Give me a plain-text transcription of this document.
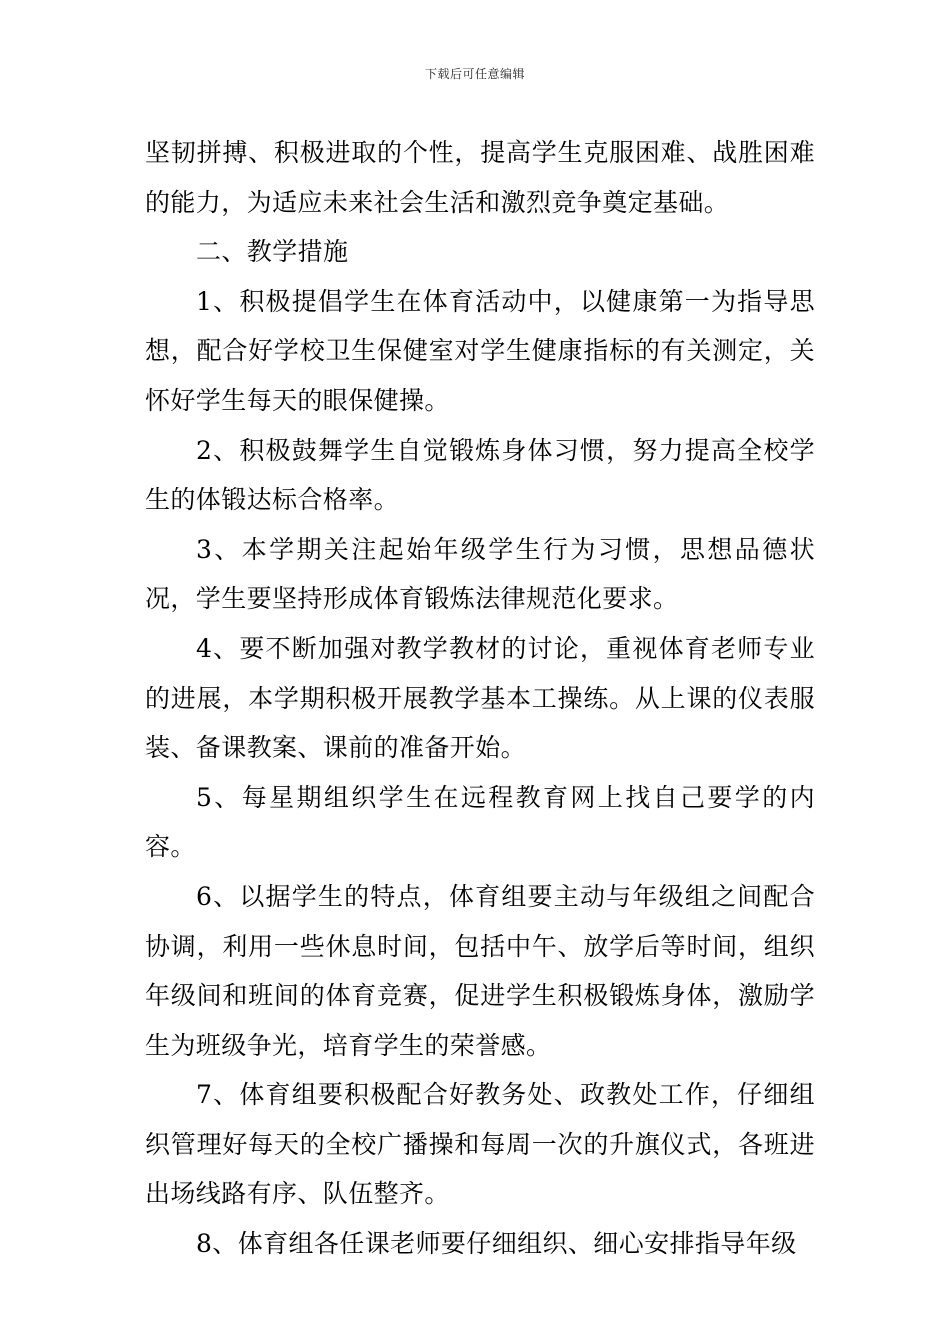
下载后可任意编辑

坚韧拼搏、积极进取的个性，提高学生克服困难、战胜困难的能力，为适应未来社会生活和激烈竞争奠定基础。

二、教学措施

1、积极提倡学生在体育活动中，以健康第一为指导思想，配合好学校卫生保健室对学生健康指标的有关测定，关怀好学生每天的眼保健操。

2、积极鼓舞学生自觉锻炼身体习惯，努力提高全校学生的体锻达标合格率。

3、本学期关注起始年级学生行为习惯，思想品德状况，学生要坚持形成体育锻炼法律规范化要求。

4、要不断加强对教学教材的讨论，重视体育老师专业的进展，本学期积极开展教学基本工操练。从上课的仪表服装、备课教案、课前的准备开始。

5、每星期组织学生在远程教育网上找自己要学的内容。

6、以据学生的特点，体育组要主动与年级组之间配合协调，利用一些休息时间，包括中午、放学后等时间，组织年级间和班间的体育竞赛，促进学生积极锻炼身体，激励学生为班级争光，培育学生的荣誉感。

7、体育组要积极配合好教务处、政教处工作，仔细组织管理好每天的全校广播操和每周一次的升旗仪式，各班进出场线路有序、队伍整齐。

8、体育组各任课老师要仔细组织、细心安排指导年级
